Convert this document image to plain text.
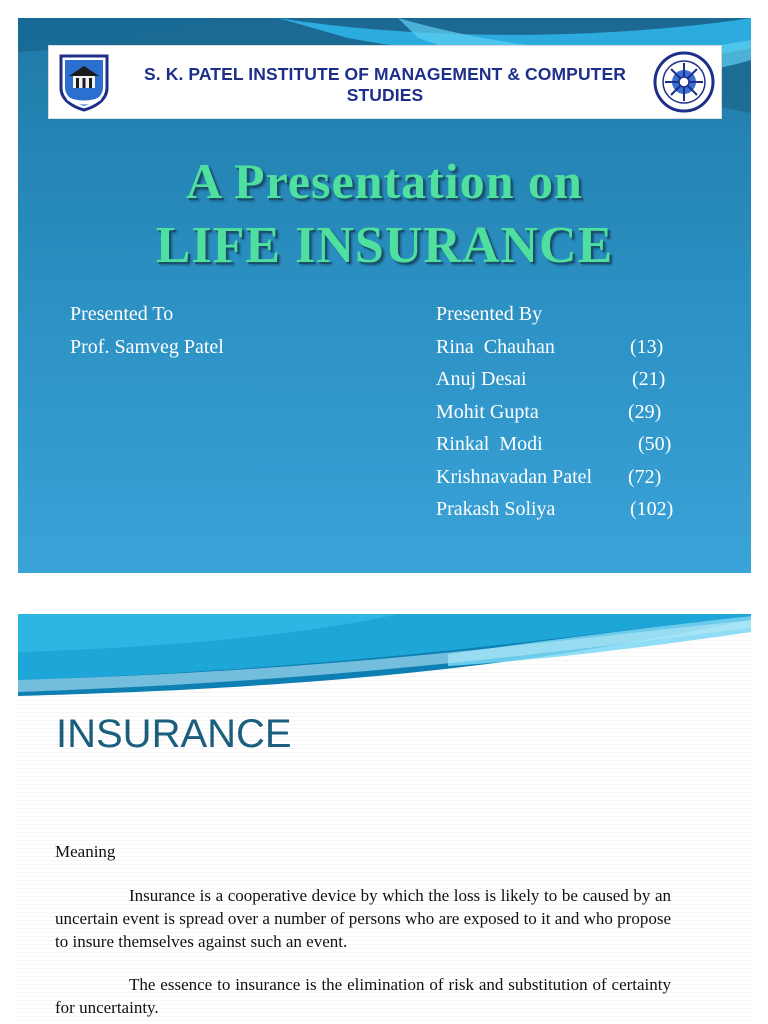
S. K. PATEL INSTITUTE OF MANAGEMENT & COMPUTER STUDIES
A Presentation on
LIFE INSURANCE
Presented To
Prof. Samveg Patel
Presented By
Rina  Chauhan	(13)
Anuj Desai	(21)
Mohit Gupta	(29)
Rinkal  Modi	(50)
Krishnavadan Patel (72)
Prakash Soliya	(102)
INSURANCE
Meaning
Insurance is a cooperative device by which the loss is likely to be caused by an uncertain event is spread over a number of persons who are exposed to it and who propose to insure themselves against such an event.
The essence to insurance is the elimination of risk and substitution of certainty for uncertainty.
